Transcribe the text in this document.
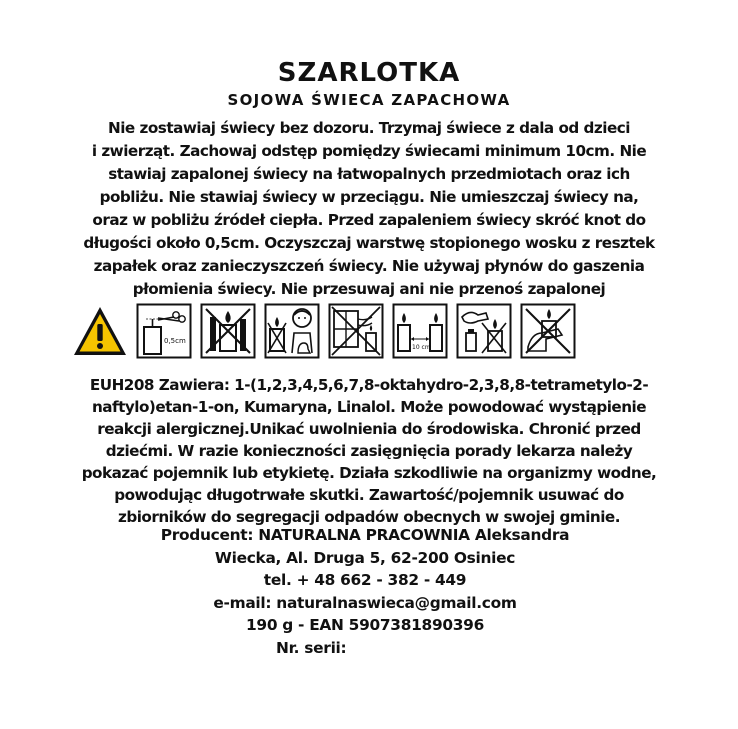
SZARLOTKA
SOJOWA ŚWIECA ZAPACHOWA
Nie zostawiaj świecy bez dozoru. Trzymaj świece z dala od dzieci
i zwierząt. Zachowaj odstęp pomiędzy świecami minimum 10cm. Nie
stawiaj zapalonej świecy na łatwopalnych przedmiotach oraz ich
pobliżu. Nie stawiaj świecy w przeciągu. Nie umieszczaj świecy na,
oraz w pobliżu źródeł ciepła. Przed zapaleniem świecy skróć knot do
długości około 0,5cm. Oczyszczaj warstwę stopionego wosku z resztek
zapałek oraz zanieczyszczeń świecy. Nie używaj płynów do gaszenia
płomienia świecy. Nie przesuwaj ani nie przenoś zapalonej
0,5cm
10 cm
EUH208 Zawiera: 1-(1,2,3,4,5,6,7,8-oktahydro-2,3,8,8-tetrametylo-2-
naftylo)etan-1-on, Kumaryna, Linalol. Może powodować wystąpienie
reakcji alergicznej.Unikać uwolnienia do środowiska. Chronić przed
dziećmi. W razie konieczności zasięgnięcia porady lekarza należy
pokazać pojemnik lub etykietę. Działa szkodliwie na organizmy wodne,
powodując długotrwałe skutki. Zawartość/pojemnik usuwać do
zbiorników do segregacji odpadów obecnych w swojej gminie.
Producent: NATURALNA PRACOWNIA Aleksandra
Wiecka, Al. Druga 5, 62-200 Osiniec
tel. + 48 662 - 382 - 449
e-mail: naturalnaswieca@gmail.com
190 g - EAN 5907381890396
Nr. serii:
